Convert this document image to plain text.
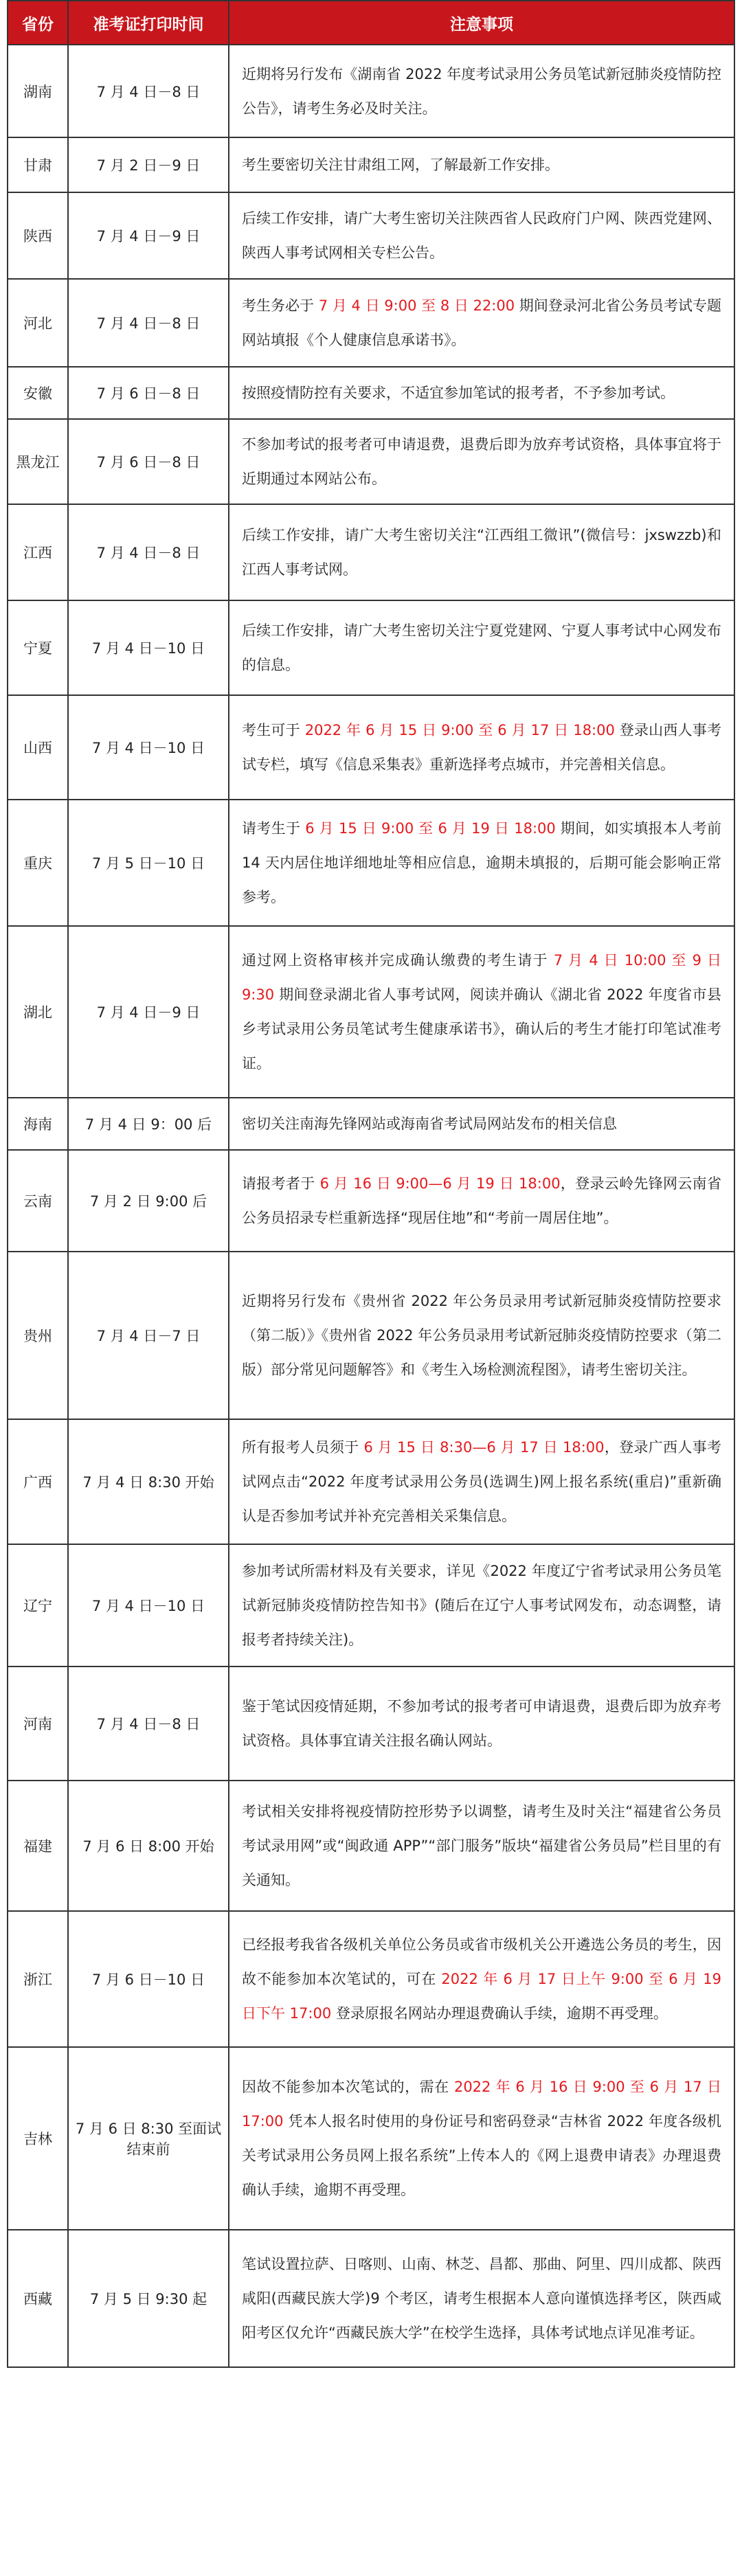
省份	准考证打印时间	注意事项
湖南	7 月 4 日－8 日	近期将另行发布《湖南省 2022 年度考试录用公务员笔试新冠肺炎疫情防控公告》，请考生务必及时关注。
甘肃	7 月 2 日－9 日	考生要密切关注甘肃组工网，了解最新工作安排。
陕西	7 月 4 日－9 日	后续工作安排，请广大考生密切关注陕西省人民政府门户网、陕西党建网、陕西人事考试网相关专栏公告。
河北	7 月 4 日－8 日	考生务必于 7 月 4 日 9:00 至 8 日 22:00 期间登录河北省公务员考试专题网站填报《个人健康信息承诺书》。
安徽	7 月 6 日－8 日	按照疫情防控有关要求，不适宜参加笔试的报考者，不予参加考试。
黑龙江	7 月 6 日－8 日	不参加考试的报考者可申请退费，退费后即为放弃考试资格，具体事宜将于近期通过本网站公布。
江西	7 月 4 日－8 日	后续工作安排，请广大考生密切关注“江西组工微讯”(微信号：jxswzzb)和江西人事考试网。
宁夏	7 月 4 日－10 日	后续工作安排，请广大考生密切关注宁夏党建网、宁夏人事考试中心网发布的信息。
山西	7 月 4 日－10 日	考生可于 2022 年 6 月 15 日 9:00 至 6 月 17 日 18:00 登录山西人事考试专栏，填写《信息采集表》重新选择考点城市，并完善相关信息。
重庆	7 月 5 日－10 日	请考生于 6 月 15 日 9:00 至 6 月 19 日 18:00 期间，如实填报本人考前 14 天内居住地详细地址等相应信息，逾期未填报的，后期可能会影响正常参考。
湖北	7 月 4 日－9 日	通过网上资格审核并完成确认缴费的考生请于 7 月 4 日 10:00 至 9 日 9:30 期间登录湖北省人事考试网，阅读并确认《湖北省 2022 年度省市县乡考试录用公务员笔试考生健康承诺书》，确认后的考生才能打印笔试准考证。
海南	7 月 4 日 9：00 后	密切关注南海先锋网站或海南省考试局网站发布的相关信息
云南	7 月 2 日 9:00 后	请报考者于 6 月 16 日 9:00—6 月 19 日 18:00，登录云岭先锋网云南省公务员招录专栏重新选择“现居住地”和“考前一周居住地”。
贵州	7 月 4 日－7 日	近期将另行发布《贵州省 2022 年公务员录用考试新冠肺炎疫情防控要求（第二版）》《贵州省 2022 年公务员录用考试新冠肺炎疫情防控要求（第二版）部分常见问题解答》和《考生入场检测流程图》，请考生密切关注。
广西	7 月 4 日 8:30 开始	所有报考人员须于 6 月 15 日 8:30—6 月 17 日 18:00，登录广西人事考试网点击“2022 年度考试录用公务员(选调生)网上报名系统(重启)”重新确认是否参加考试并补充完善相关采集信息。
辽宁	7 月 4 日－10 日	参加考试所需材料及有关要求，详见《2022 年度辽宁省考试录用公务员笔试新冠肺炎疫情防控告知书》(随后在辽宁人事考试网发布，动态调整，请报考者持续关注)。
河南	7 月 4 日－8 日	鉴于笔试因疫情延期，不参加考试的报考者可申请退费，退费后即为放弃考试资格。具体事宜请关注报名确认网站。
福建	7 月 6 日 8:00 开始	考试相关安排将视疫情防控形势予以调整，请考生及时关注“福建省公务员考试录用网”或“闽政通 APP”“部门服务”版块“福建省公务员局”栏目里的有关通知。
浙江	7 月 6 日－10 日	已经报考我省各级机关单位公务员或省市级机关公开遴选公务员的考生，因故不能参加本次笔试的，可在 2022 年 6 月 17 日上午 9:00 至 6 月 19 日下午 17:00 登录原报名网站办理退费确认手续，逾期不再受理。
吉林	7 月 6 日 8:30 至面试结束前	因故不能参加本次笔试的，需在 2022 年 6 月 16 日 9:00 至 6 月 17 日 17:00 凭本人报名时使用的身份证号和密码登录“吉林省 2022 年度各级机关考试录用公务员网上报名系统”上传本人的《网上退费申请表》办理退费确认手续，逾期不再受理。
西藏	7 月 5 日 9:30 起	笔试设置拉萨、日喀则、山南、林芝、昌都、那曲、阿里、四川成都、陕西咸阳(西藏民族大学)9 个考区，请考生根据本人意向谨慎选择考区，陕西咸阳考区仅允许“西藏民族大学”在校学生选择，具体考试地点详见准考证。
